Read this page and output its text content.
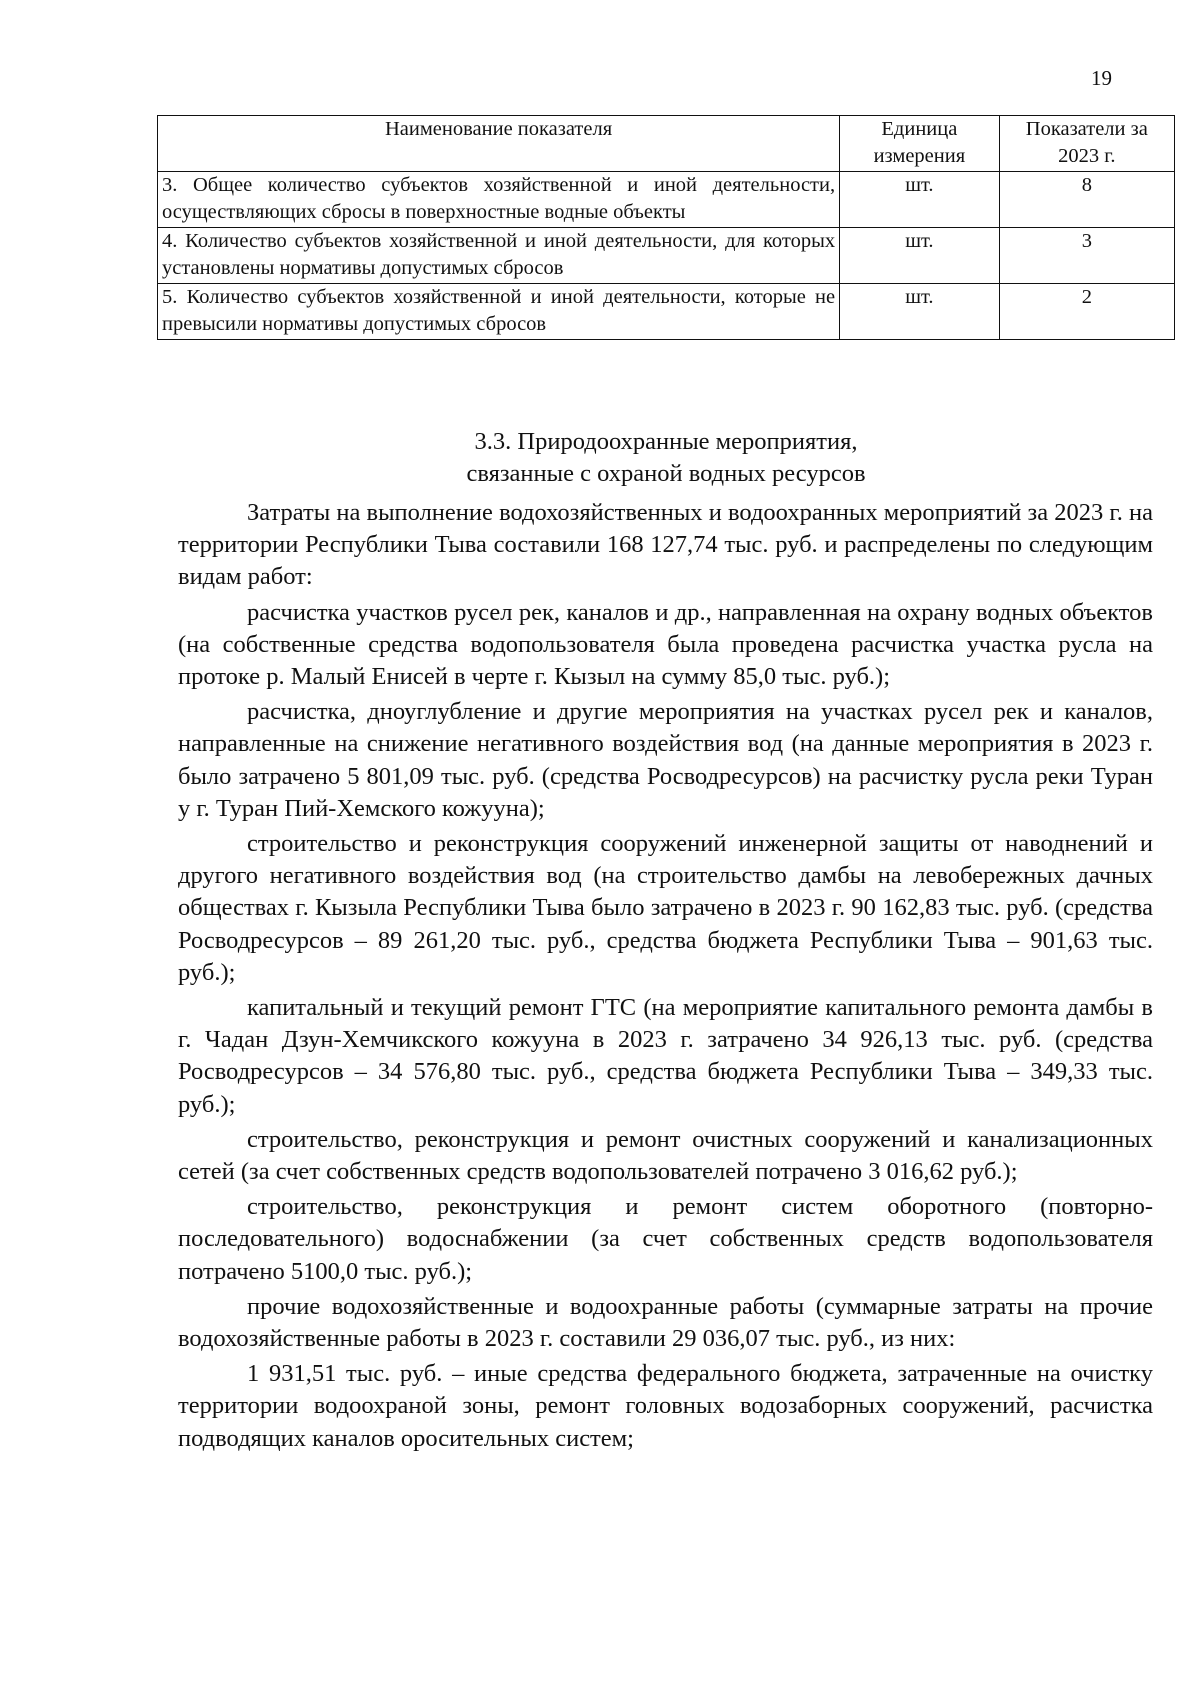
19
Наименование показателя	Единица измерения	Показатели за 2023 г.
3. Общее количество субъектов хозяйственной и иной деятельности, осуществляющих сбросы в поверхностные водные объекты	шт.	8
4. Количество субъектов хозяйственной и иной деятельности, для которых установлены нормативы допустимых сбросов	шт.	3
5. Количество субъектов хозяйственной и иной деятельности, которые не превысили нормативы допустимых сбросов	шт.	2
3.3. Природоохранные мероприятия,
связанные с охраной водных ресурсов

Затраты на выполнение водохозяйственных и водоохранных мероприятий за 2023 г. на территории Республики Тыва составили 168 127,74 тыс. руб. и распределены по следующим видам работ:

расчистка участков русел рек, каналов и др., направленная на охрану водных объектов (на собственные средства водопользователя была проведена расчистка участка русла на протоке р. Малый Енисей в черте г. Кызыл на сумму 85,0 тыс. руб.);

расчистка, дноуглубление и другие мероприятия на участках русел рек и каналов, направленные на снижение негативного воздействия вод (на данные мероприятия в 2023 г. было затрачено 5 801,09 тыс. руб. (средства Росводресурсов) на расчистку русла реки Туран у г. Туран Пий-Хемского кожууна);

строительство и реконструкция сооружений инженерной защиты от наводнений и другого негативного воздействия вод (на строительство дамбы на левобережных дачных обществах г. Кызыла Республики Тыва было затрачено в 2023 г. 90 162,83 тыс. руб. (средства Росводресурсов – 89 261,20 тыс. руб., средства бюджета Республики Тыва – 901,63 тыс. руб.);

капитальный и текущий ремонт ГТС (на мероприятие капитального ремонта дамбы в г. Чадан Дзун-Хемчикского кожууна в 2023 г. затрачено 34 926,13 тыс. руб. (средства Росводресурсов – 34 576,80 тыс. руб., средства бюджета Республики Тыва – 349,33 тыс. руб.);

строительство, реконструкция и ремонт очистных сооружений и канализационных сетей (за счет собственных средств водопользователей потрачено 3 016,62 руб.);

строительство, реконструкция и ремонт систем оборотного (повторно-последовательного) водоснабжении (за счет собственных средств водопользователя потрачено 5100,0 тыс. руб.);

прочие водохозяйственные и водоохранные работы (суммарные затраты на прочие водохозяйственные работы в 2023 г. составили 29 036,07 тыс. руб., из них:

1 931,51 тыс. руб. – иные средства федерального бюджета, затраченные на очистку территории водоохраной зоны, ремонт головных водозаборных сооружений, расчистка подводящих каналов оросительных систем;
